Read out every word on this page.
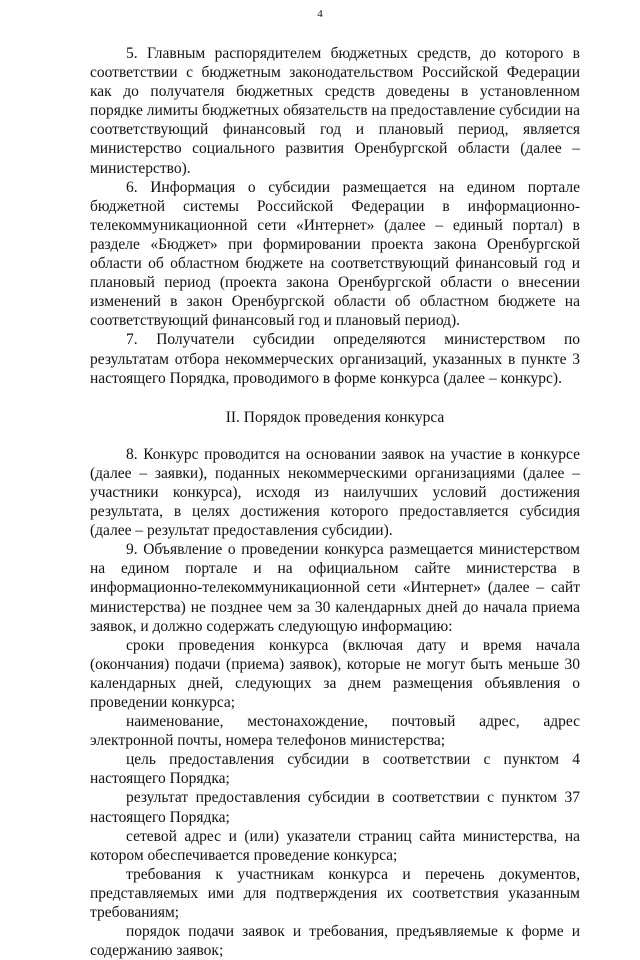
4

5. Главным распорядителем бюджетных средств, до которого в соответствии с бюджетным законодательством Российской Федерации как до получателя бюджетных средств доведены в установленном порядке лимиты бюджетных обязательств на предоставление субсидии на соответствующий финансовый год и плановый период, является министерство социального развития Оренбургской области (далее – министерство).

6. Информация о субсидии размещается на едином портале бюджетной системы Российской Федерации в информационно-телекоммуникационной сети «Интернет» (далее – единый портал) в разделе «Бюджет» при формировании проекта закона Оренбургской области об областном бюджете на соответствующий финансовый год и плановый период (проекта закона Оренбургской области о внесении изменений в закон Оренбургской области об областном бюджете на соответствующий финансовый год и плановый период).

7. Получатели субсидии определяются министерством по результатам отбора некоммерческих организаций, указанных в пункте 3 настоящего Порядка, проводимого в форме конкурса (далее – конкурс).

II. Порядок проведения конкурса

8. Конкурс проводится на основании заявок на участие в конкурсе (далее – заявки), поданных некоммерческими организациями (далее – участники конкурса), исходя из наилучших условий достижения результата, в целях достижения которого предоставляется субсидия (далее – результат предоставления субсидии).

9. Объявление о проведении конкурса размещается министерством на едином портале и на официальном сайте министерства в информационно-телекоммуникационной сети «Интернет» (далее – сайт министерства) не позднее чем за 30 календарных дней до начала приема заявок, и должно содержать следующую информацию:

сроки проведения конкурса (включая дату и время начала (окончания) подачи (приема) заявок), которые не могут быть меньше 30 календарных дней, следующих за днем размещения объявления о проведении конкурса;

наименование, местонахождение, почтовый адрес, адрес электронной почты, номера телефонов министерства;

цель предоставления субсидии в соответствии с пунктом 4 настоящего Порядка;

результат предоставления субсидии в соответствии с пунктом 37 настоящего Порядка;

сетевой адрес и (или) указатели страниц сайта министерства, на котором обеспечивается проведение конкурса;

требования к участникам конкурса и перечень документов, представляемых ими для подтверждения их соответствия указанным требованиям;

порядок подачи заявок и требования, предъявляемые к форме и содержанию заявок;
